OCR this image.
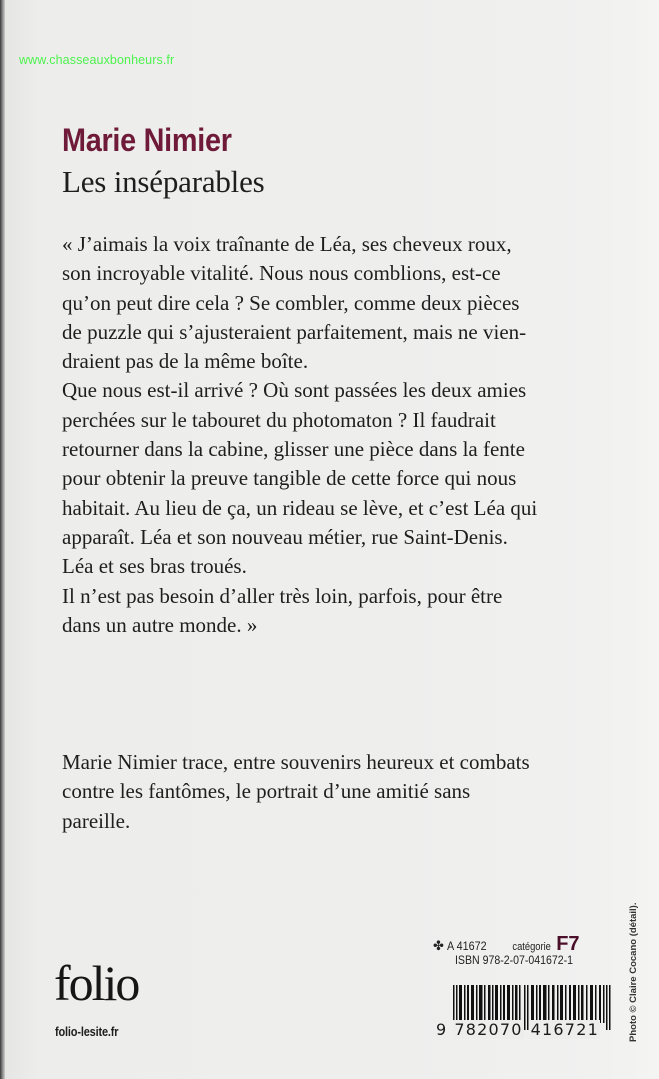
www.chasseauxbonheurs.fr
Marie Nimier
Les inséparables
« J’aimais la voix traînante de Léa, ses cheveux roux,
son incroyable vitalité. Nous nous comblions, est-ce
qu’on peut dire cela ? Se combler, comme deux pièces
de puzzle qui s’ajusteraient parfaitement, mais ne vien-
draient pas de la même boîte.
Que nous est-il arrivé ? Où sont passées les deux amies
perchées sur le tabouret du photomaton ? Il faudrait
retourner dans la cabine, glisser une pièce dans la fente
pour obtenir la preuve tangible de cette force qui nous
habitait. Au lieu de ça, un rideau se lève, et c’est Léa qui
apparaît. Léa et son nouveau métier, rue Saint-Denis.
Léa et ses bras troués.
Il n’est pas besoin d’aller très loin, parfois, pour être
dans un autre monde. »
Marie Nimier trace, entre souvenirs heureux et combats
contre les fantômes, le portrait d’une amitié sans
pareille.
folio
folio-lesite.fr
✤ A 41672 catégorie F7
ISBN 978-2-07-041672-1
9 782070 416721	Photo © Claire Cocano (détail).
